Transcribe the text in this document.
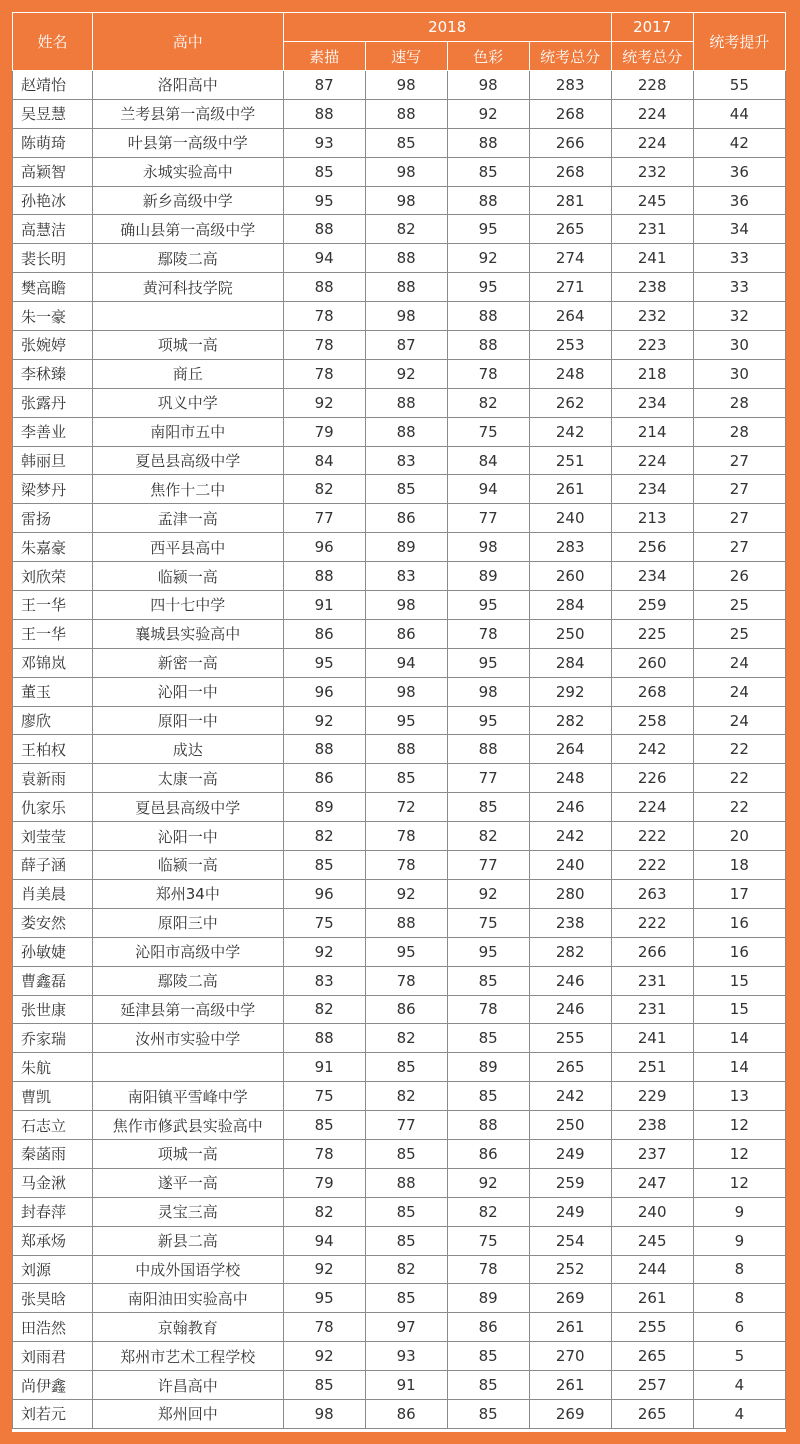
姓名	高中	2018				2017	统考提升
		素描	速写	色彩	统考总分	统考总分	
赵靖怡	洛阳高中	87	98	98	283	228	55
吴昱慧	兰考县第一高级中学	88	88	92	268	224	44
陈萌琦	叶县第一高级中学	93	85	88	266	224	42
高颖智	永城实验高中	85	98	85	268	232	36
孙艳冰	新乡高级中学	95	98	88	281	245	36
高慧洁	确山县第一高级中学	88	82	95	265	231	34
裴长明	鄢陵二高	94	88	92	274	241	33
樊高瞻	黄河科技学院	88	88	95	271	238	33
朱一豪		78	98	88	264	232	32
张婉婷	项城一高	78	87	88	253	223	30
李秫臻	商丘	78	92	78	248	218	30
张露丹	巩义中学	92	88	82	262	234	28
李善业	南阳市五中	79	88	75	242	214	28
韩丽旦	夏邑县高级中学	84	83	84	251	224	27
梁梦丹	焦作十二中	82	85	94	261	234	27
雷扬	孟津一高	77	86	77	240	213	27
朱嘉豪	西平县高中	96	89	98	283	256	27
刘欣荣	临颍一高	88	83	89	260	234	26
王一华	四十七中学	91	98	95	284	259	25
王一华	襄城县实验高中	86	86	78	250	225	25
邓锦岚	新密一高	95	94	95	284	260	24
董玉	沁阳一中	96	98	98	292	268	24
廖欣	原阳一中	92	95	95	282	258	24
王柏权	成达	88	88	88	264	242	22
袁新雨	太康一高	86	85	77	248	226	22
仇家乐	夏邑县高级中学	89	72	85	246	224	22
刘莹莹	沁阳一中	82	78	82	242	222	20
薛子涵	临颍一高	85	78	77	240	222	18
肖美晨	郑州34中	96	92	92	280	263	17
娄安然	原阳三中	75	88	75	238	222	16
孙敏婕	沁阳市高级中学	92	95	95	282	266	16
曹鑫磊	鄢陵二高	83	78	85	246	231	15
张世康	延津县第一高级中学	82	86	78	246	231	15
乔家瑞	汝州市实验中学	88	82	85	255	241	14
朱航		91	85	89	265	251	14
曹凯	南阳镇平雪峰中学	75	82	85	242	229	13
石志立	焦作市修武县实验高中	85	77	88	250	238	12
秦菡雨	项城一高	78	85	86	249	237	12
马金湫	遂平一高	79	88	92	259	247	12
封春萍	灵宝三高	82	85	82	249	240	9
郑承炀	新县二高	94	85	75	254	245	9
刘源	中成外国语学校	92	82	78	252	244	8
张昊晗	南阳油田实验高中	95	85	89	269	261	8
田浩然	京翰教育	78	97	86	261	255	6
刘雨君	郑州市艺术工程学校	92	93	85	270	265	5
尚伊鑫	许昌高中	85	91	85	261	257	4
刘若元	郑州回中	98	86	85	269	265	4
